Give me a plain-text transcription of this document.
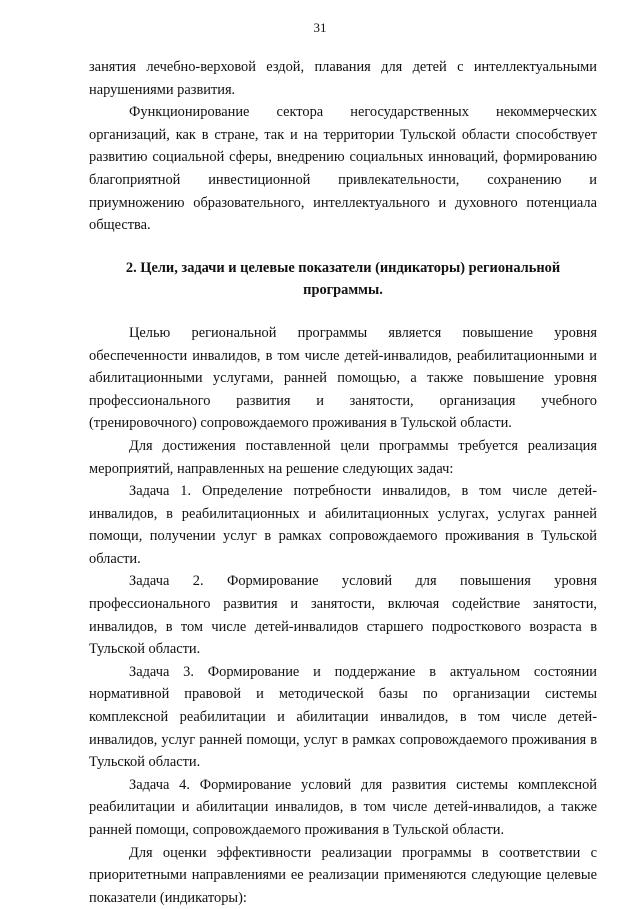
31

занятия лечебно-верховой ездой, плавания для детей с интеллектуальными нарушениями развития.

Функционирование сектора негосударственных некоммерческих организаций, как в стране, так и на территории Тульской области способствует развитию социальной сферы, внедрению социальных инноваций, формированию благоприятной инвестиционной привлекательности, сохранению и приумножению образовательного, интеллектуального и духовного потенциала общества.

2. Цели, задачи и целевые показатели (индикаторы) региональной программы.

Целью региональной программы является повышение уровня обеспеченности инвалидов, в том числе детей-инвалидов, реабилитационными и абилитационными услугами, ранней помощью, а также повышение уровня профессионального развития и занятости, организация учебного (тренировочного) сопровождаемого проживания в Тульской области.

Для достижения поставленной цели программы требуется реализация мероприятий, направленных на решение следующих задач:

Задача 1. Определение потребности инвалидов, в том числе детей-инвалидов, в реабилитационных и абилитационных услугах, услугах ранней помощи, получении услуг в рамках сопровождаемого проживания в Тульской области.

Задача 2. Формирование условий для повышения уровня профессионального развития и занятости, включая содействие занятости, инвалидов, в том числе детей-инвалидов старшего подросткового возраста в Тульской области.

Задача 3. Формирование и поддержание в актуальном состоянии нормативной правовой и методической базы по организации системы комплексной реабилитации и абилитации инвалидов, в том числе детей-инвалидов, услуг ранней помощи, услуг в рамках сопровождаемого проживания в Тульской области.

Задача 4. Формирование условий для развития системы комплексной реабилитации и абилитации инвалидов, в том числе детей-инвалидов, а также ранней помощи, сопровождаемого проживания в Тульской области.

Для оценки эффективности реализации программы в соответствии с приоритетными направлениями ее реализации применяются следующие целевые показатели (индикаторы):
